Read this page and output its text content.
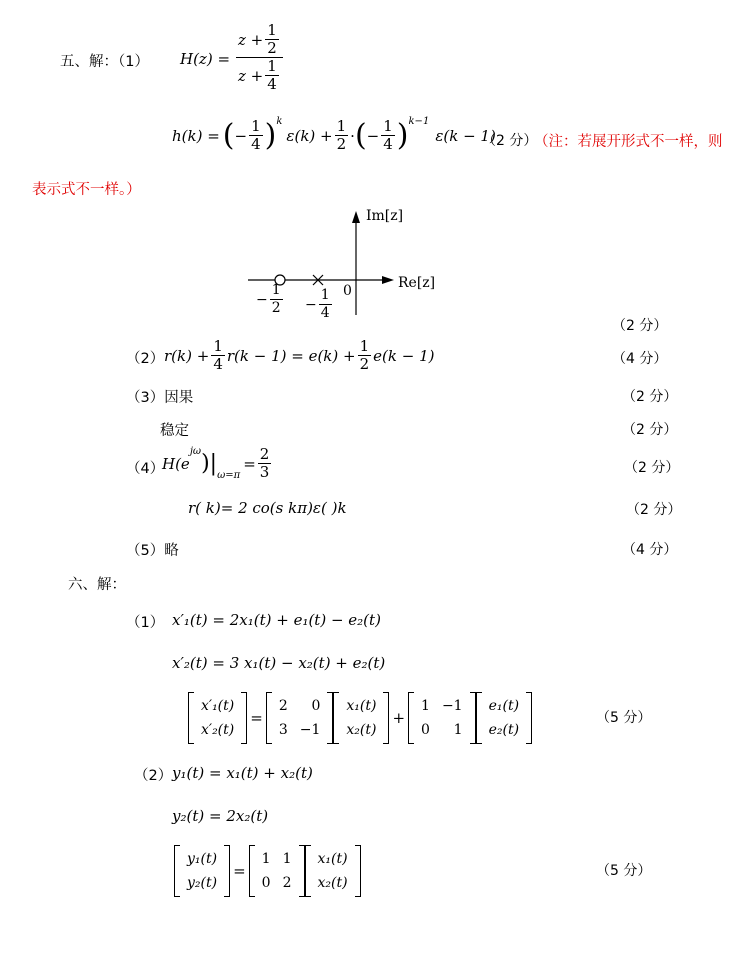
五、解：（1） H(z) =
$z + \frac{1}{2}$
$z + \frac{1}{4}$
h(k) = ( − $\frac{1}{4} )^k$
$\varepsilon(k) + \frac{1}{2}$ · ( − $\frac{1}{4} )^{k-1}$
ε(k − 1)
（2 分）
（注：若展开形式不一样，则
表示式不一样。）
Im[z]
Re[z]
0
− $\frac{1}{2} - \frac{1}{4}$
（2 分）
（2） $r(k) + \frac{1}{4} r(k - 1) = e(k) + \frac{1}{2} e(k - 1)$	（4 分）
（3）因果	（2 分）
稳定	（2 分）
（4）
H(e
$^{j\omega}$ )$|_{\omega=\pi}$
= $\frac{2}{3}$	（2 分）
r( k)= 2 co(s kπ)ε( )k	（2 分）
（5）略	（4 分）
六、解：
（1） x′₁(t) = 2x₁(t) + e₁(t) − e₂(t)
x′₂(t) = 3 x₁(t) − x₂(t) + e₂(t)
x′₁(t)
x′₂(t)
=
2	0
3	−1
x₁(t)
x₂(t)
+
1	−1
0	1
e₁(t)
e₂(t)
（5 分）
（2） y₁(t) = x₁(t) + x₂(t)
y₂(t) = 2x₂(t)
y₁(t)
y₂(t)
=
1	1
0	2
x₁(t)
x₂(t)
（5 分）
